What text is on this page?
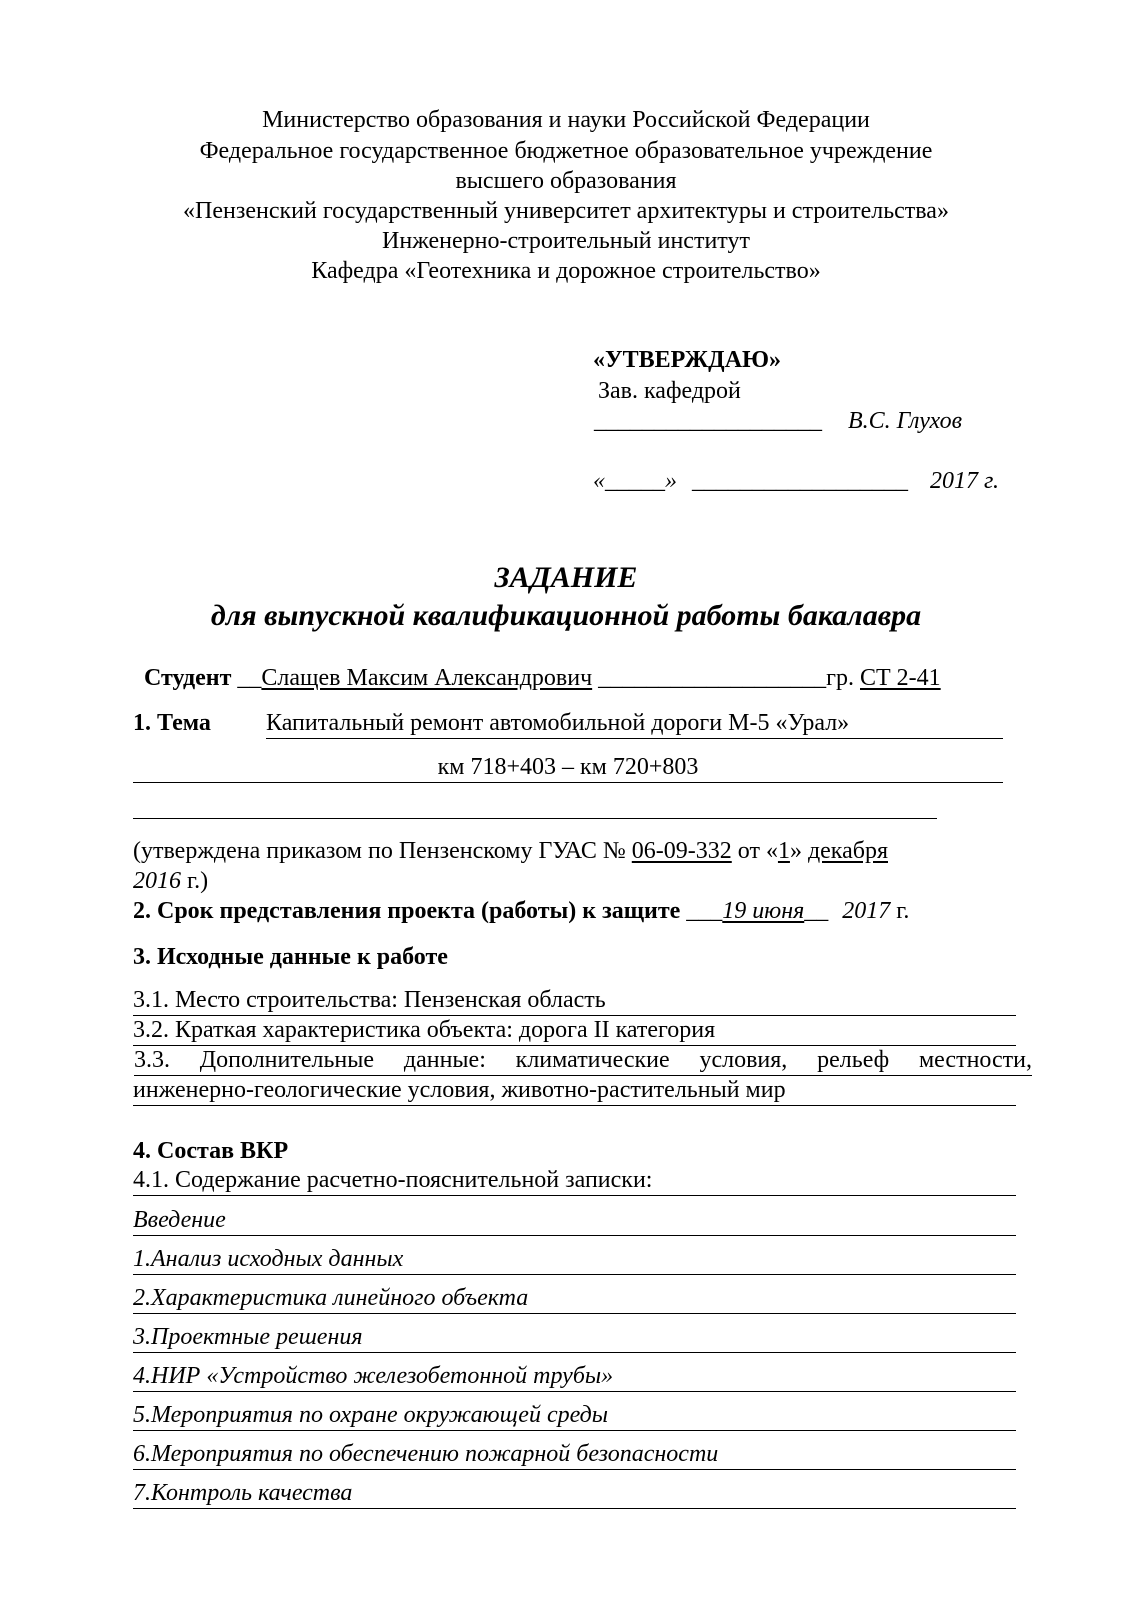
Министерство образования и науки Российской Федерации
Федеральное государственное бюджетное образовательное учреждение
высшего образования
«Пензенский государственный университет архитектуры и строительства»
Инженерно-строительный институт
Кафедра «Геотехника и дорожное строительство»
«УТВЕРЖДАЮ»
Зав. кафедрой
___________________ В.С. Глухов
«_____» __________________ 2017 г.
ЗАДАНИЕ
для выпускной квалификационной работы бакалавра
Студент __Слащев Максим Александрович ___________________гр. СТ 2-41
1. Тема Капитальный ремонт автомобильной дороги М-5 «Урал»
км 718+403 – км 720+803
(утверждена приказом по Пензенскому ГУАС № 06-09-332 от «1» декабря
2016 г.)
2. Срок представления проекта (работы) к защите ___19 июня__ 2017 г.
3. Исходные данные к работе
3.1. Место строительства: Пензенская область
3.2. Краткая характеристика объекта: дорога II категория
3.3. Дополнительные данные: климатические условия, рельеф местности,
инженерно-геологические условия, животно-растительный мир
4. Состав ВКР
4.1. Содержание расчетно-пояснительной записки:
Введение
1.Анализ исходных данных
2.Характеристика линейного объекта
3.Проектные решения
4.НИР «Устройство железобетонной трубы»
5.Мероприятия по охране окружающей среды
6.Мероприятия по обеспечению пожарной безопасности
7.Контроль качества
